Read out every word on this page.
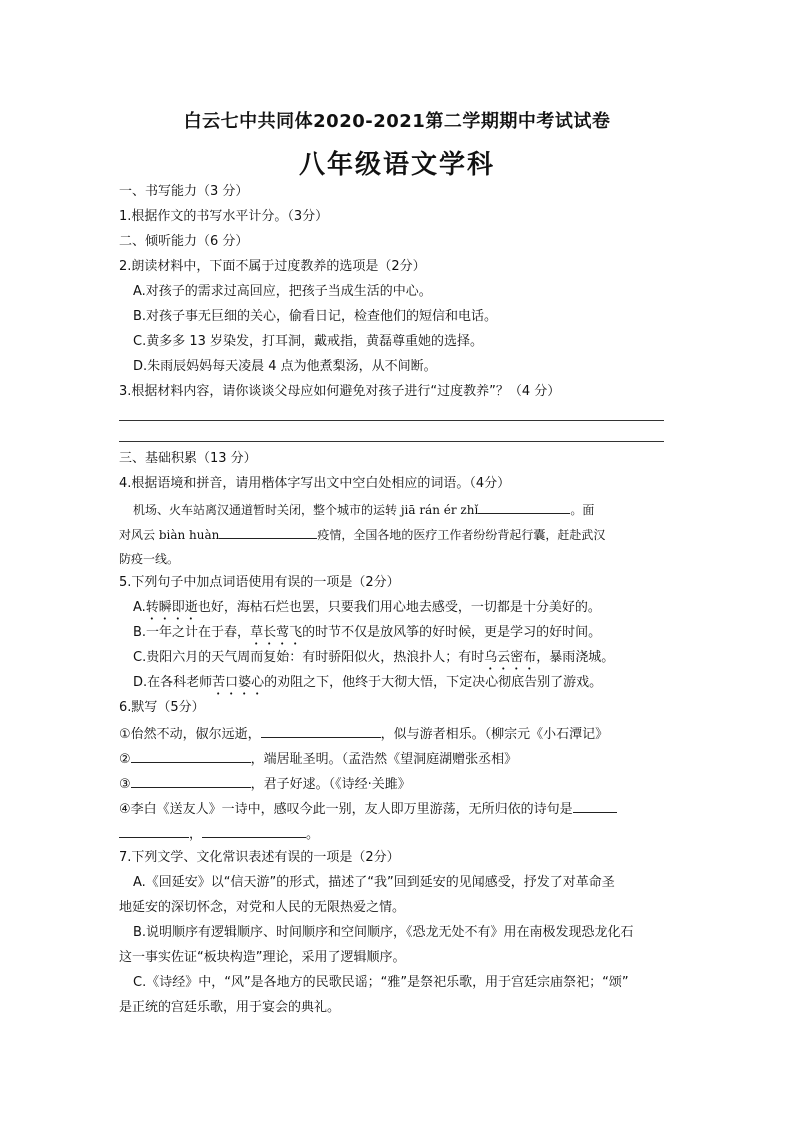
白云七中共同体2020-2021第二学期期中考试试卷
八年级语文学科
一、书写能力（3 分）
1.根据作文的书写水平计分。（3分）
二、倾听能力（6 分）
2.朗读材料中，下面不属于过度教养的选项是（2分）
A.对孩子的需求过高回应，把孩子当成生活的中心。
B.对孩子事无巨细的关心，偷看日记，检查他们的短信和电话。
C.黄多多 13 岁染发，打耳洞，戴戒指，黄磊尊重她的选择。
D.朱雨辰妈妈每天凌晨 4 点为他煮梨汤，从不间断。
3.根据材料内容，请你谈谈父母应如何避免对孩子进行“过度教养”？（4 分）
三、基础积累（13 分）
4.根据语境和拼音，请用楷体字写出文中空白处相应的词语。（4分）
机场、火车站离汉通道暂时关闭，整个城市的运转 jiā rán ér zhǐ	。面
对风云 biàn huàn	疫情，全国各地的医疗工作者纷纷背起行囊，赶赴武汉
防疫一线。
5.下列句子中加点词语使用有误的一项是（2分）
A.转瞬即逝也好，海枯石烂也罢，只要我们用心地去感受，一切都是十分美好的。
B.一年之计在于春，草长莺飞的时节不仅是放风筝的好时候，更是学习的好时间。
C.贵阳六月的天气周而复始：有时骄阳似火，热浪扑人；有时乌云密布，暴雨浇城。
D.在各科老师苦口婆心的劝阻之下，他终于大彻大悟，下定决心彻底告别了游戏。
6.默写（5分）
①佁然不动，俶尔远逝，	，似与游者相乐。（柳宗元《小石潭记》
②	，端居耻圣明。（孟浩然《望洞庭湖赠张丞相》
③	，君子好逑。（《诗经·关雎》
④李白《送友人》一诗中，感叹今此一别，友人即万里游荡，无所归依的诗句是
，	。
7.下列文学、文化常识表述有误的一项是（2分）
A.《回延安》以“信天游”的形式，描述了“我”回到延安的见闻感受，抒发了对革命圣
地延安的深切怀念，对党和人民的无限热爱之情。
B.说明顺序有逻辑顺序、时间顺序和空间顺序，《恐龙无处不有》用在南极发现恐龙化石
这一事实佐证“板块构造”理论，采用了逻辑顺序。
C.《诗经》中，“风”是各地方的民歌民谣；“雅”是祭祀乐歌，用于宫廷宗庙祭祀；“颂”
是正统的宫廷乐歌，用于宴会的典礼。
